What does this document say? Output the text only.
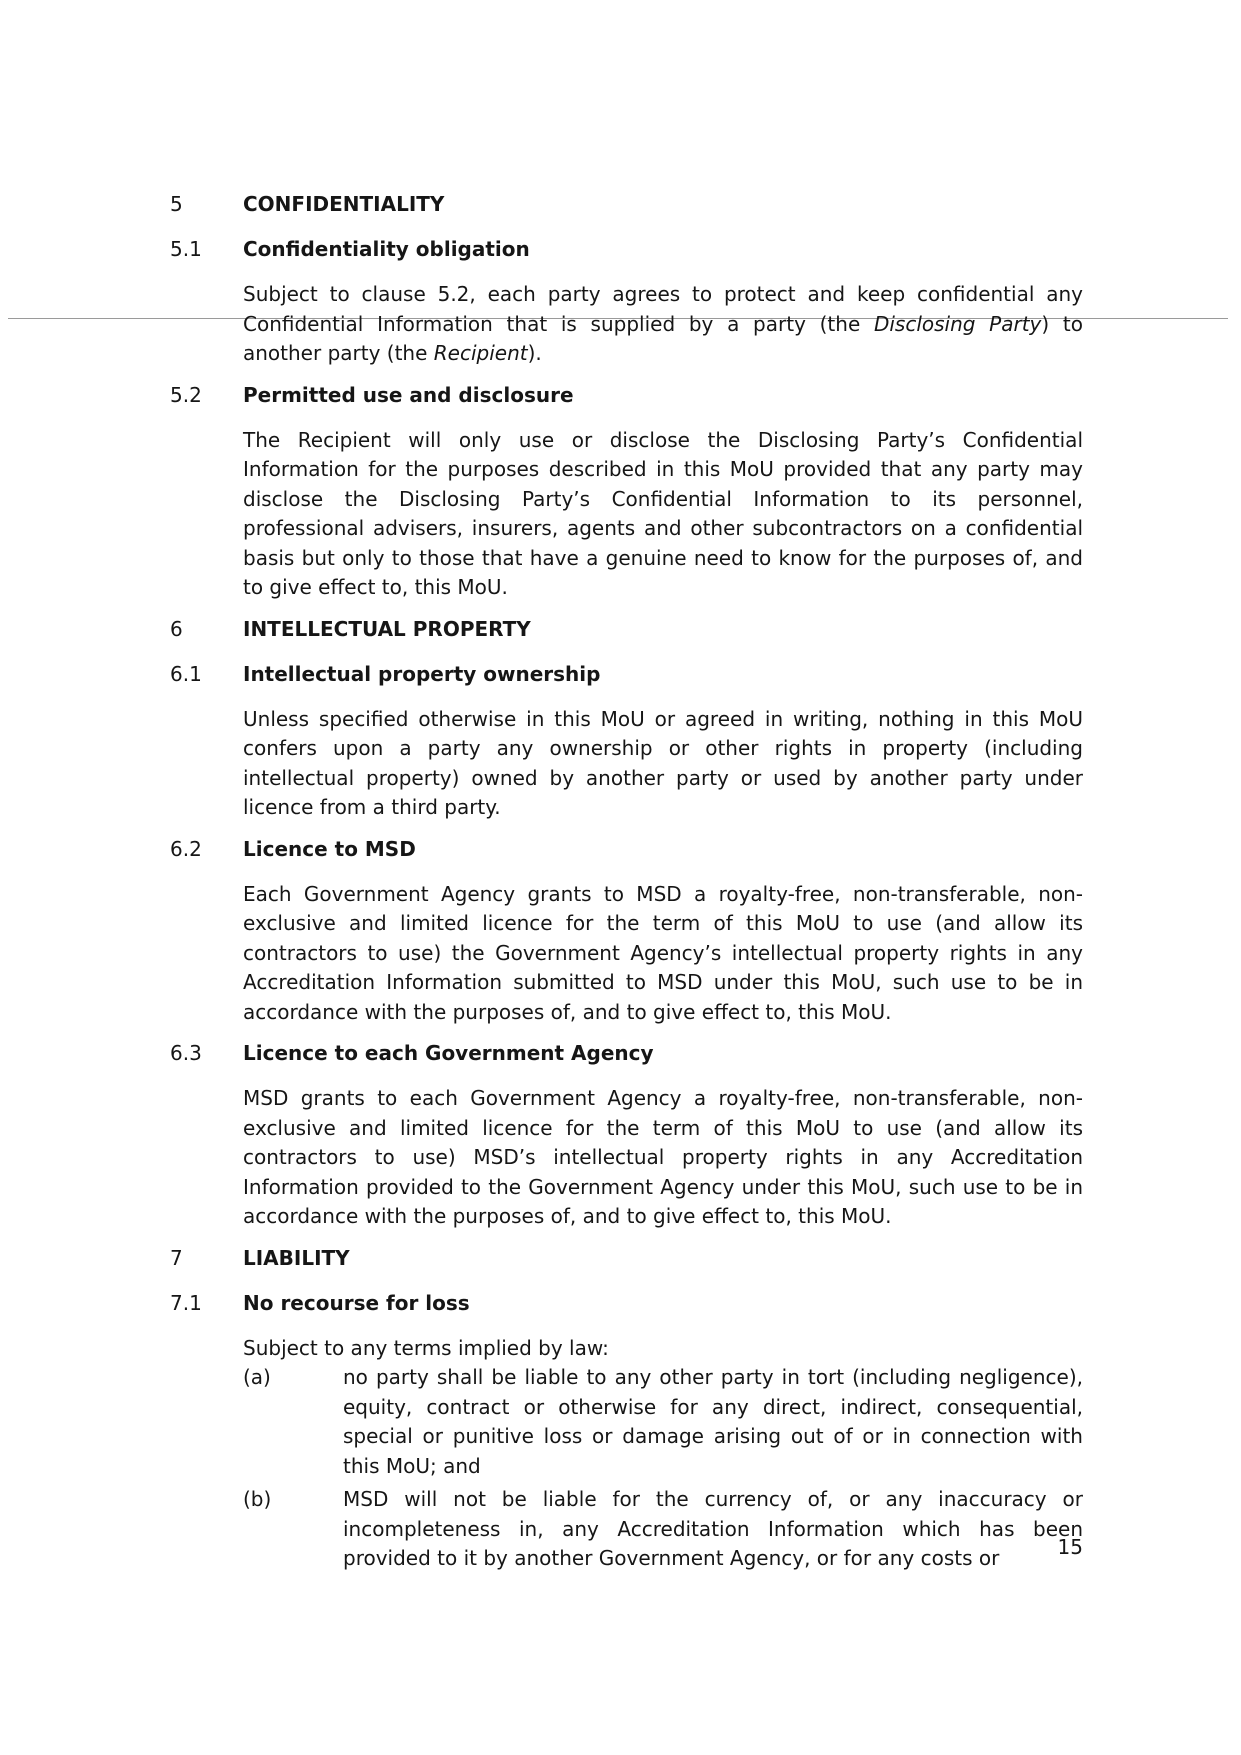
5	CONFIDENTIALITY
5.1 Confidentiality obligation
Subject to clause 5.2, each party agrees to protect and keep confidential any Confidential Information that is supplied by a party (the Disclosing Party) to another party (the Recipient).
5.2 Permitted use and disclosure
The Recipient will only use or disclose the Disclosing Party’s Confidential Information for the purposes described in this MoU provided that any party may disclose the Disclosing Party’s Confidential Information to its personnel, professional advisers, insurers, agents and other subcontractors on a confidential basis but only to those that have a genuine need to know for the purposes of, and to give effect to, this MoU.
6	INTELLECTUAL PROPERTY
6.1 Intellectual property ownership
Unless specified otherwise in this MoU or agreed in writing, nothing in this MoU confers upon a party any ownership or other rights in property (including intellectual property) owned by another party or used by another party under licence from a third party.
6.2 Licence to MSD
Each Government Agency grants to MSD a royalty-free, non-transferable, non-exclusive and limited licence for the term of this MoU to use (and allow its contractors to use) the Government Agency’s intellectual property rights in any Accreditation Information submitted to MSD under this MoU, such use to be in accordance with the purposes of, and to give effect to, this MoU.
6.3 Licence to each Government Agency
MSD grants to each Government Agency a royalty-free, non-transferable, non-exclusive and limited licence for the term of this MoU to use (and allow its contractors to use) MSD’s intellectual property rights in any Accreditation Information provided to the Government Agency under this MoU, such use to be in accordance with the purposes of, and to give effect to, this MoU.
7	LIABILITY
7.1 No recourse for loss
Subject to any terms implied by law:
(a)	no party shall be liable to any other party in tort (including negligence), equity, contract or otherwise for any direct, indirect, consequential, special or punitive loss or damage arising out of or in connection with this MoU; and
(b)	MSD will not be liable for the currency of, or any inaccuracy or incompleteness in, any Accreditation Information which has been provided to it by another Government Agency, or for any costs or	15
